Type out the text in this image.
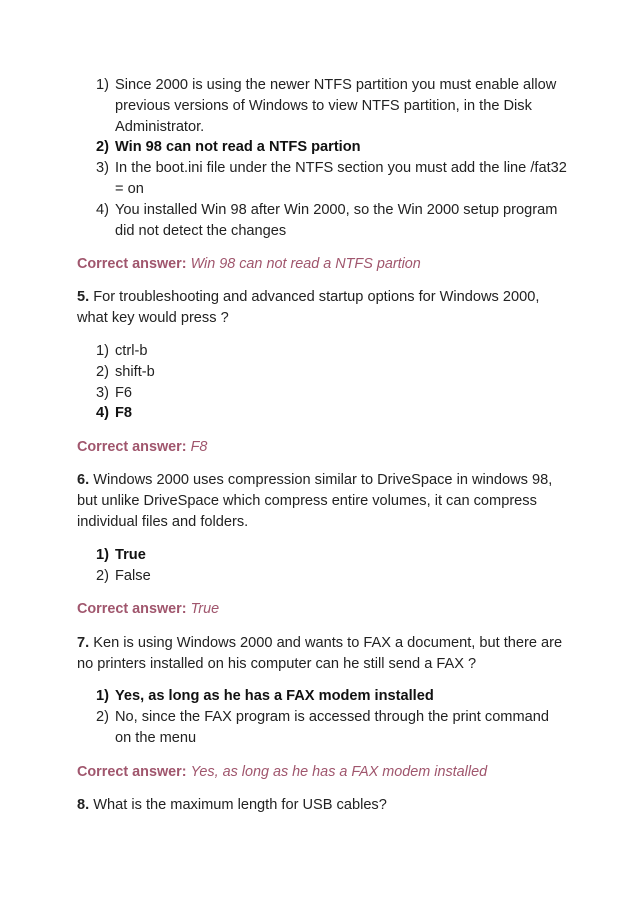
1) Since 2000 is using the newer NTFS partition you must enable allow previous versions of Windows to view NTFS partition, in the Disk Administrator.
2) Win 98 can not read a NTFS partion
3) In the boot.ini file under the NTFS section you must add the line /fat32 = on
4) You installed Win 98 after Win 2000, so the Win 2000 setup program did not detect the changes
Correct answer: Win 98 can not read a NTFS partion
5. For troubleshooting and advanced startup options for Windows 2000, what key would press ?
1) ctrl-b
2) shift-b
3) F6
4) F8
Correct answer: F8
6. Windows 2000 uses compression similar to DriveSpace in windows 98, but unlike DriveSpace which compress entire volumes, it can compress individual files and folders.
1) True
2) False
Correct answer: True
7. Ken is using Windows 2000 and wants to FAX a document, but there are no printers installed on his computer can he still send a FAX ?
1) Yes, as long as he has a FAX modem installed
2) No, since the FAX program is accessed through the print command on the menu
Correct answer: Yes, as long as he has a FAX modem installed
8. What is the maximum length for USB cables?
